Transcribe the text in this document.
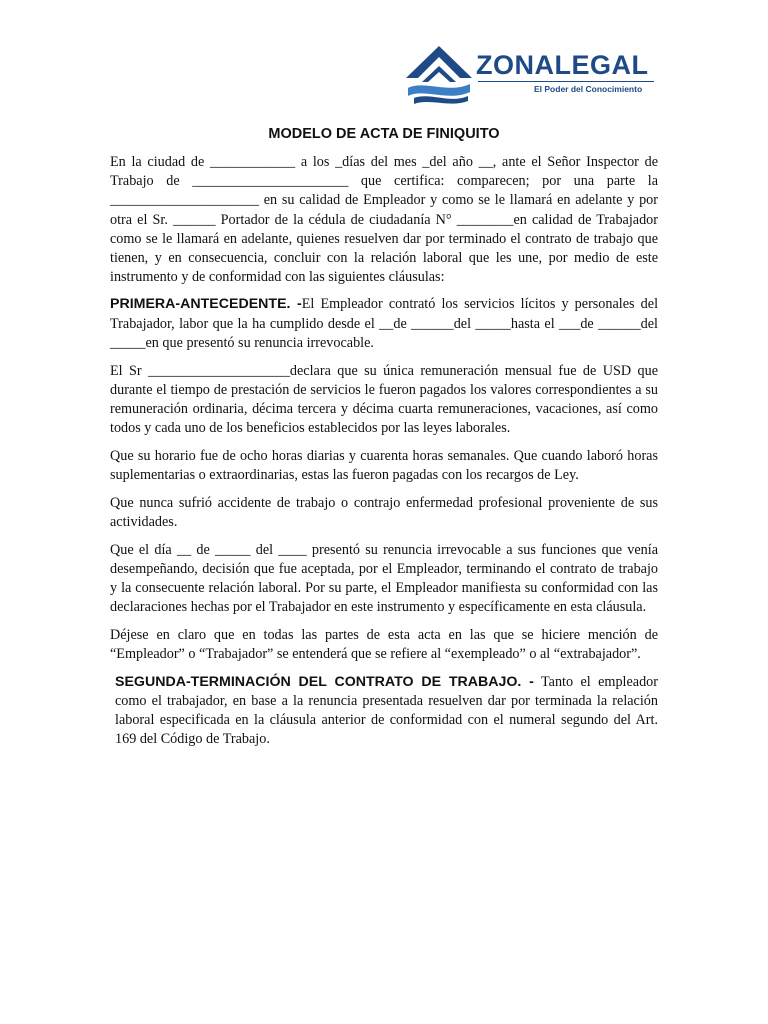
ZONALEGAL
El Poder del Conocimiento
MODELO DE ACTA DE FINIQUITO

En la ciudad de ____________ a los _días del mes _del año __, ante el Señor Inspector de Trabajo de ______________________ que certifica: comparecen; por una parte la _____________________ en su calidad de Empleador y como se le llamará en adelante y por otra el Sr. ______ Portador de la cédula de ciudadanía N° ________en calidad de Trabajador como se le llamará en adelante, quienes resuelven dar por terminado el contrato de trabajo que tienen, y en consecuencia, concluir con la relación laboral que les une, por medio de este instrumento y de conformidad con las siguientes cláusulas:

PRIMERA-ANTECEDENTE. -El Empleador contrató los servicios lícitos y personales del Trabajador, labor que la ha cumplido desde el __de ______del _____hasta el ___de ______del _____en que presentó su renuncia irrevocable.

El Sr ____________________declara que su única remuneración mensual fue de USD que durante el tiempo de prestación de servicios le fueron pagados los valores correspondientes a su remuneración ordinaria, décima tercera y décima cuarta remuneraciones, vacaciones, así como todos y cada uno de los beneficios establecidos por las leyes laborales.

Que su horario fue de ocho horas diarias y cuarenta horas semanales. Que cuando laboró horas suplementarias o extraordinarias, estas las fueron pagadas con los recargos de Ley.

Que nunca sufrió accidente de trabajo o contrajo enfermedad profesional proveniente de sus actividades.

Que el día __ de _____ del ____ presentó su renuncia irrevocable a sus funciones que venía desempeñando, decisión que fue aceptada, por el Empleador, terminando el contrato de trabajo y la consecuente relación laboral. Por su parte, el Empleador manifiesta su conformidad con las declaraciones hechas por el Trabajador en este instrumento y específicamente en esta cláusula.

Déjese en claro que en todas las partes de esta acta en las que se hiciere mención de “Empleador” o “Trabajador” se entenderá que se refiere al “exempleado” o al “extrabajador”.

SEGUNDA-TERMINACIÓN DEL CONTRATO DE TRABAJO. - Tanto el empleador como el trabajador, en base a la renuncia presentada resuelven dar por terminada la relación laboral especificada en la cláusula anterior de conformidad con el numeral segundo del Art. 169 del Código de Trabajo.
